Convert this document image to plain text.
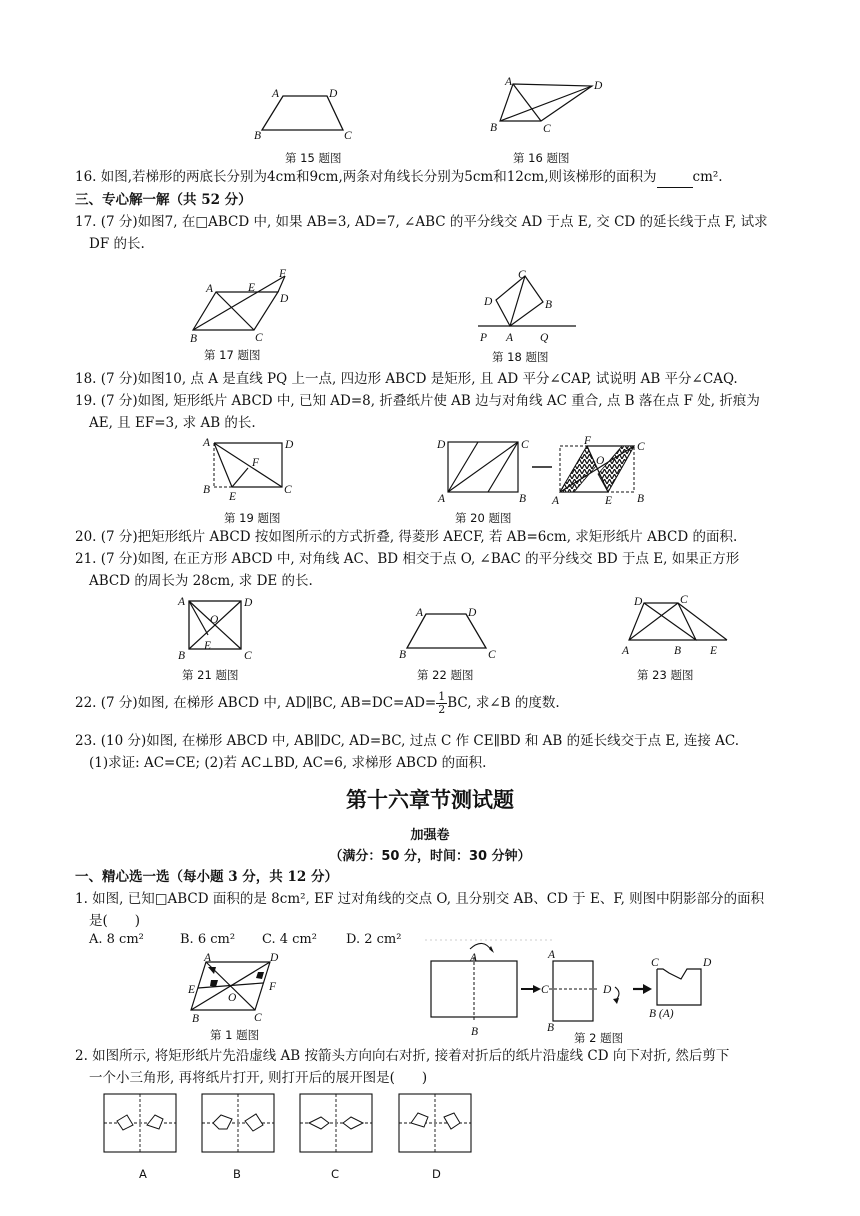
A	D
B	C
第 15 题图
A	D
B	C
第 16 题图
16. 如图,若梯形的两底长分别为4cm和9cm,两条对角线长分别为5cm和12cm,则该梯形的面积为	cm².
三、专心解一解（共 52 分）
17. (7 分)如图7, 在□ABCD 中, 如果 AB=3, AD=7, ∠ABC 的平分线交 AD 于点 E, 交 CD 的延长线于点 F, 试求
DF 的长.
A	E
F
D
B	C
第 17 题图
C
D	B
P A Q
第 18 题图
18. (7 分)如图10, 点 A 是直线 PQ 上一点, 四边形 ABCD 是矩形, 且 AD 平分∠CAP, 试说明 AB 平分∠CAQ.
19. (7 分)如图, 矩形纸片 ABCD 中, 已知 AD=8, 折叠纸片使 AB 边与对角线 AC 重合, 点 B 落在点 F 处, 折痕为
AE, 且 EF=3, 求 AB 的长.
A	D
B
F
E
C
第 19 题图
D	C
A	B
F	C
O
A	E B
第 20 题图
20. (7 分)把矩形纸片 ABCD 按如图所示的方式折叠, 得菱形 AECF, 若 AB=6cm, 求矩形纸片 ABCD 的面积.
21. (7 分)如图, 在正方形 ABCD 中, 对角线 AC、BD 相交于点 O, ∠BAC 的平分线交 BD 于点 E, 如果正方形
ABCD 的周长为 28cm, 求 DE 的长.
A	D
O
E
B	C
第 21 题图
A	D
B	C
第 22 题图
D	C
A	B	E
第 23 题图
22. (7 分)如图, 在梯形 ABCD 中, AD∥BC, $AB=DC=AD= \frac{1}{2}$ BC, 求∠B 的度数.
23. (10 分)如图, 在梯形 ABCD 中, AB∥DC, AD=BC, 过点 C 作 CE∥BD 和 AB 的延长线交于点 E, 连接 AC.
(1)求证: AC=CE; (2)若 AC⊥BD, AC=6, 求梯形 ABCD 的面积.
第十六章节测试题
加强卷
（满分：50 分，时间：30 分钟）
一、精心选一选（每小题 3 分，共 12 分）
1. 如图, 已知□ABCD 面积的是 8cm², EF 过对角线的交点 O, 且分别交 AB、CD 于 E、F, 则图中阴影部分的面积
是(　　)
A. 8 cm²	B. 6 cm² C. 4 cm² D. 2 cm²
A	D
E
O
F
B	C
第 1 题图
A
B
C
A
B
D
C	D
B (A)
第 2 题图
2. 如图所示, 将矩形纸片先沿虚线 AB 按箭头方向向右对折, 接着对折后的纸片沿虚线 CD 向下对折, 然后剪下
一个小三角形, 再将纸片打开, 则打开后的展开图是(　　)
A	B	C	D
